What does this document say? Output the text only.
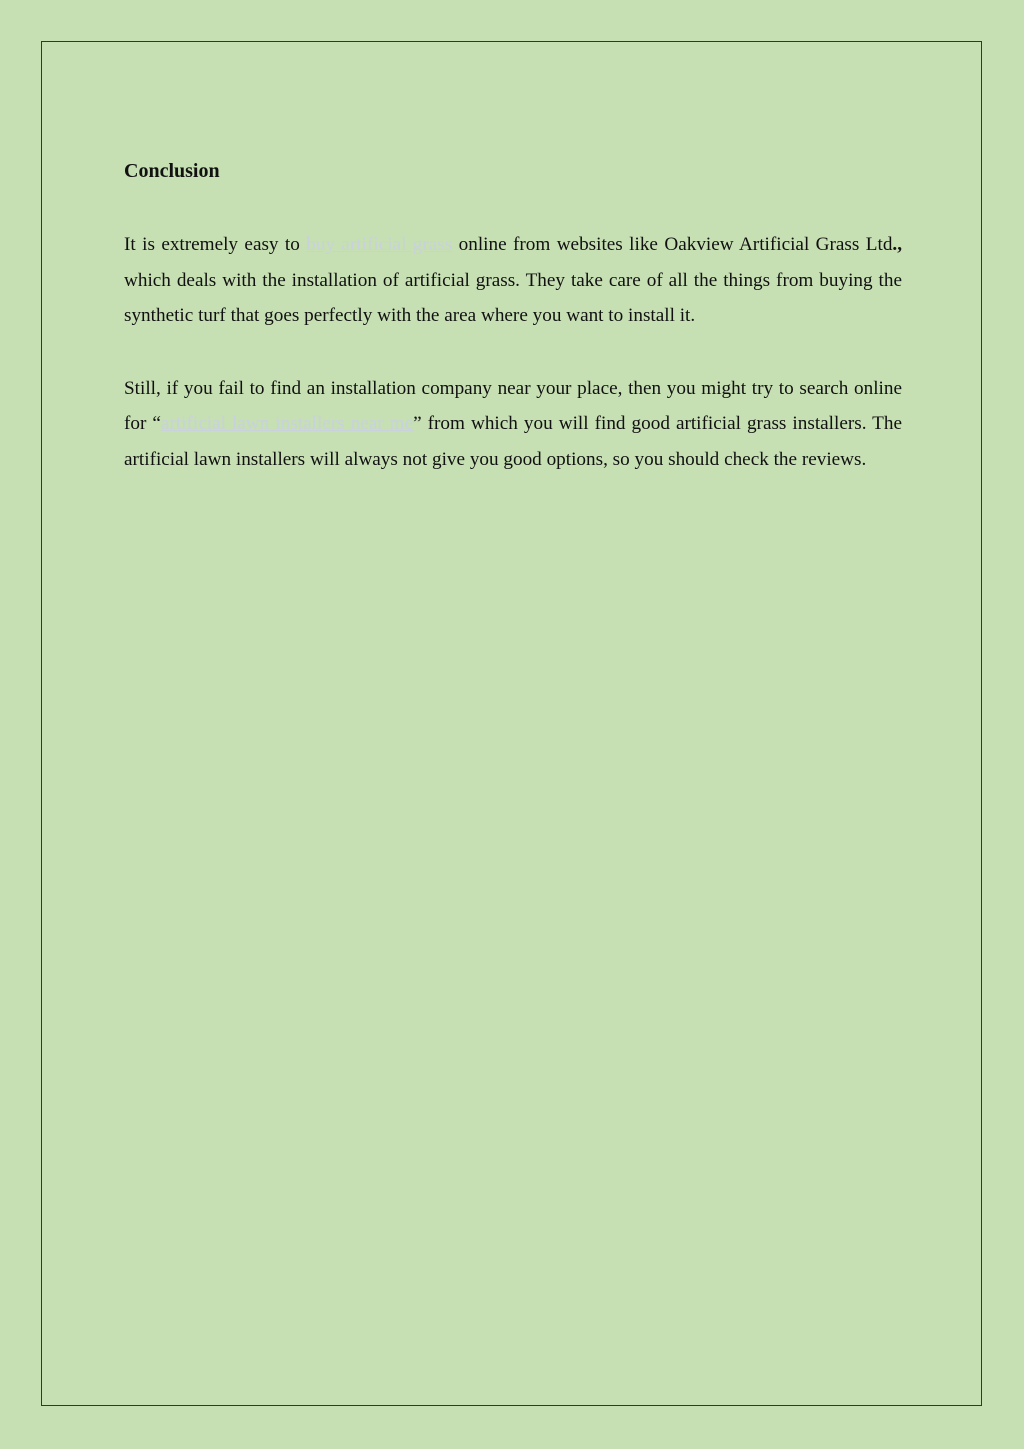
Conclusion

It is extremely easy to buy artificial grass online from websites like Oakview Artificial Grass Ltd., which deals with the installation of artificial grass. They take care of all the things from buying the synthetic turf that goes perfectly with the area where you want to install it.

Still, if you fail to find an installation company near your place, then you might try to search online for “artificial lawn installers near me” from which you will find good artificial grass installers. The artificial lawn installers will always not give you good options, so you should check the reviews.
